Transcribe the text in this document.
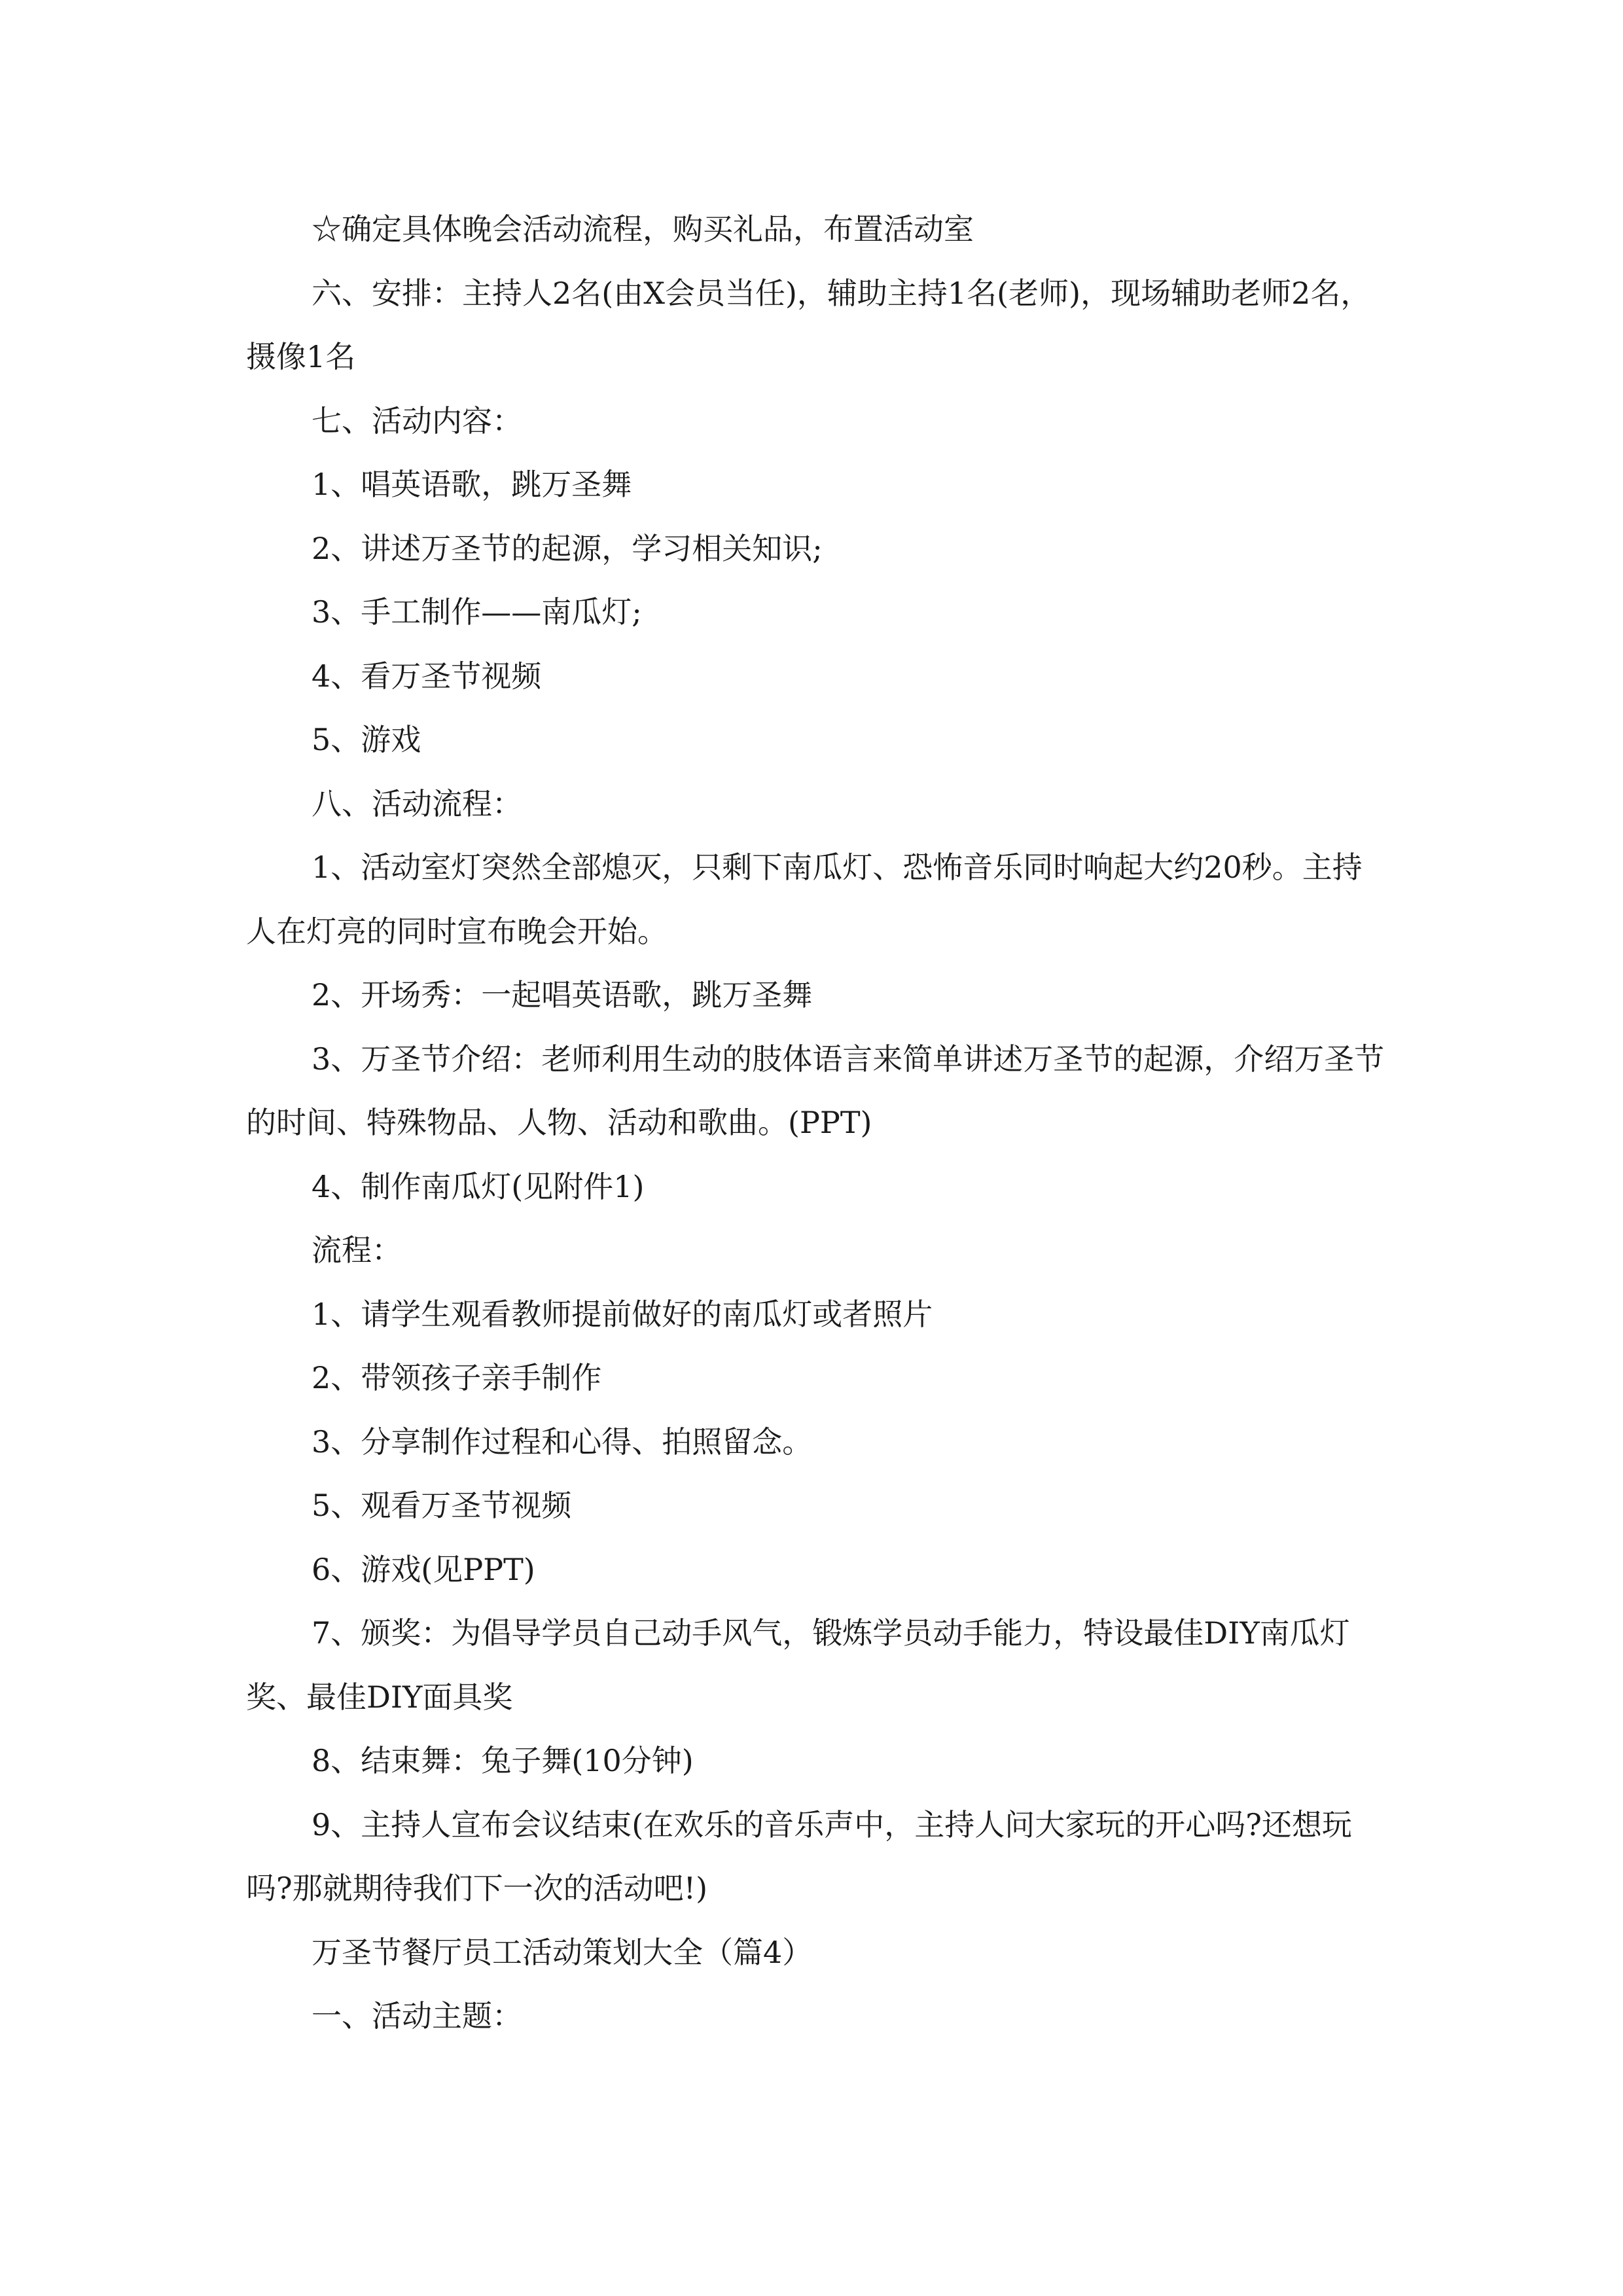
☆确定具体晚会活动流程，购买礼品，布置活动室

六、安排：主持人2名(由X会员当任)，辅助主持1名(老师)，现场辅助老师2名，摄像1名

七、活动内容：

1、唱英语歌，跳万圣舞

2、讲述万圣节的起源，学习相关知识;

3、手工制作——南瓜灯;

4、看万圣节视频

5、游戏

八、活动流程：

1、活动室灯突然全部熄灭，只剩下南瓜灯、恐怖音乐同时响起大约20秒。主持人在灯亮的同时宣布晚会开始。

2、开场秀：一起唱英语歌，跳万圣舞

3、万圣节介绍：老师利用生动的肢体语言来简单讲述万圣节的起源，介绍万圣节的时间、特殊物品、人物、活动和歌曲。(PPT)

4、制作南瓜灯(见附件1)

流程：

1、请学生观看教师提前做好的南瓜灯或者照片

2、带领孩子亲手制作

3、分享制作过程和心得、拍照留念。

5、观看万圣节视频

6、游戏(见PPT)

7、颁奖：为倡导学员自己动手风气，锻炼学员动手能力，特设最佳DIY南瓜灯奖、最佳DIY面具奖

8、结束舞：兔子舞(10分钟)

9、主持人宣布会议结束(在欢乐的音乐声中，主持人问大家玩的开心吗?还想玩吗?那就期待我们下一次的活动吧!)

万圣节餐厅员工活动策划大全（篇4）

一、活动主题：
